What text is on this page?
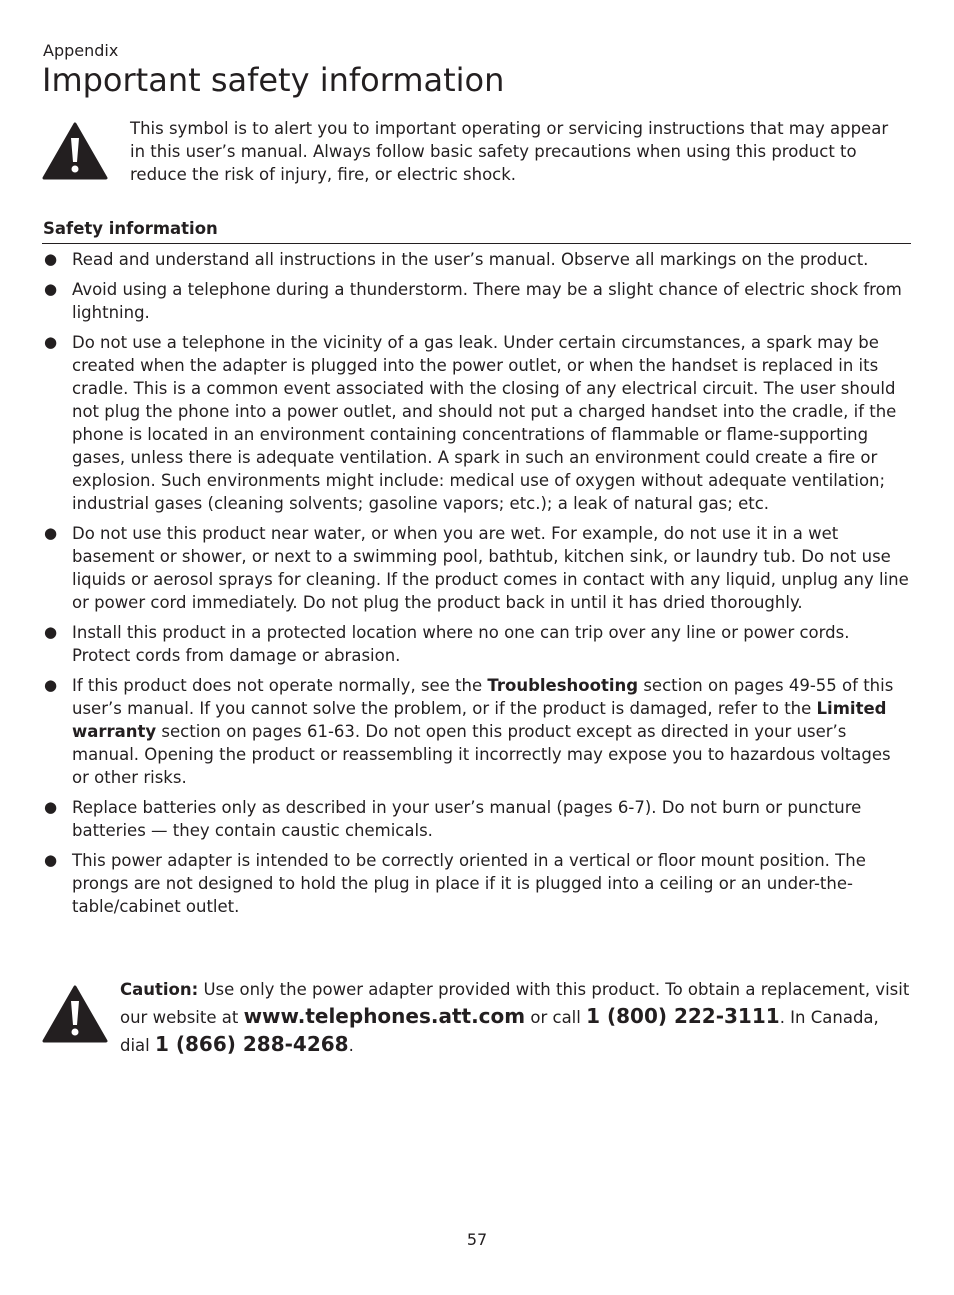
Appendix
Important safety information
This symbol is to alert you to important operating or servicing instructions that may appear in this user’s manual. Always follow basic safety precautions when using this product to reduce the risk of injury, fire, or electric shock.
Safety information
● Read and understand all instructions in the user’s manual. Observe all markings on the product.
● Avoid using a telephone during a thunderstorm. There may be a slight chance of electric shock from lightning.
● Do not use a telephone in the vicinity of a gas leak. Under certain circumstances, a spark may be created when the adapter is plugged into the power outlet, or when the handset is replaced in its cradle. This is a common event associated with the closing of any electrical circuit. The user should not plug the phone into a power outlet, and should not put a charged handset into the cradle, if the phone is located in an environment containing concentrations of flammable or flame-supporting gases, unless there is adequate ventilation. A spark in such an environment could create a fire or explosion. Such environments might include: medical use of oxygen without adequate ventilation; industrial gases (cleaning solvents; gasoline vapors; etc.); a leak of natural gas; etc.
● Do not use this product near water, or when you are wet. For example, do not use it in a wet basement or shower, or next to a swimming pool, bathtub, kitchen sink, or laundry tub. Do not use liquids or aerosol sprays for cleaning. If the product comes in contact with any liquid, unplug any line or power cord immediately. Do not plug the product back in until it has dried thoroughly.
● Install this product in a protected location where no one can trip over any line or power cords. Protect cords from damage or abrasion.
● If this product does not operate normally, see the Troubleshooting section on pages 49-55 of this user’s manual. If you cannot solve the problem, or if the product is damaged, refer to the Limited warranty section on pages 61-63. Do not open this product except as directed in your user’s manual. Opening the product or reassembling it incorrectly may expose you to hazardous voltages or other risks.
● Replace batteries only as described in your user’s manual (pages 6-7). Do not burn or puncture batteries — they contain caustic chemicals.
● This power adapter is intended to be correctly oriented in a vertical or floor mount position. The prongs are not designed to hold the plug in place if it is plugged into a ceiling or an under-the-table/cabinet outlet.
Caution: Use only the power adapter provided with this product. To obtain a replacement, visit our website at www.telephones.att.com or call 1 (800) 222-3111. In Canada, dial 1 (866) 288-4268.
57
